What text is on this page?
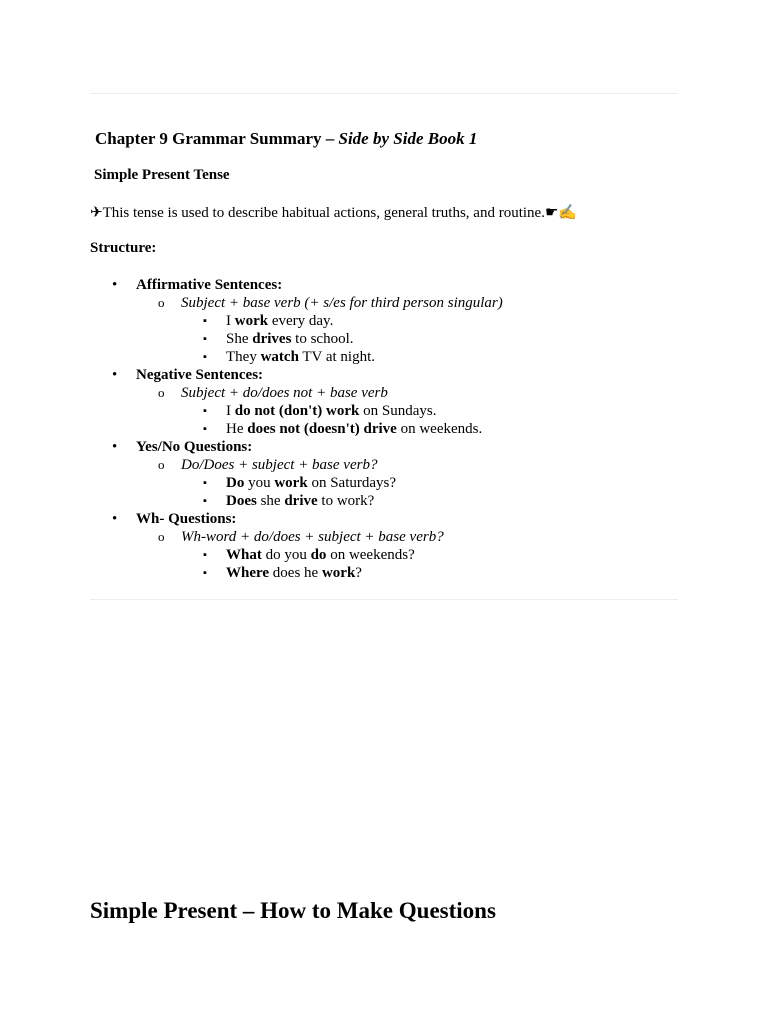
Chapter 9 Grammar Summary – Side by Side Book 1
Simple Present Tense
✈This tense is used to describe habitual actions, general truths, and routine.☛✍
Structure:
• Affirmative Sentences:
o Subject + base verb (+ s/es for third person singular)
▪ I work every day.
▪ She drives to school.
▪ They watch TV at night.
• Negative Sentences:
o Subject + do/does not + base verb
▪ I do not (don't) work on Sundays.
▪ He does not (doesn't) drive on weekends.
• Yes/No Questions:
o Do/Does + subject + base verb?
▪ Do you work on Saturdays?
▪ Does she drive to work?
• Wh- Questions:
o Wh-word + do/does + subject + base verb?
▪ What do you do on weekends?
▪ Where does he work?
Simple Present – How to Make Questions
